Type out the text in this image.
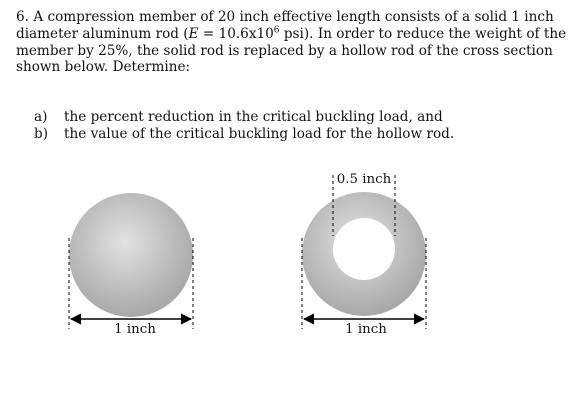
6. A compression member of 20 inch effective length consists of a solid 1 inch diameter aluminum rod ($E = 10.6x10^6$ psi). In order to reduce the weight of the member by 25%, the solid rod is replaced by a hollow rod of the cross section shown below. Determine:

a)	the percent reduction in the critical buckling load, and
b)	the value of the critical buckling load for the hollow rod.
1 inch	1 inch
0.5 inch
